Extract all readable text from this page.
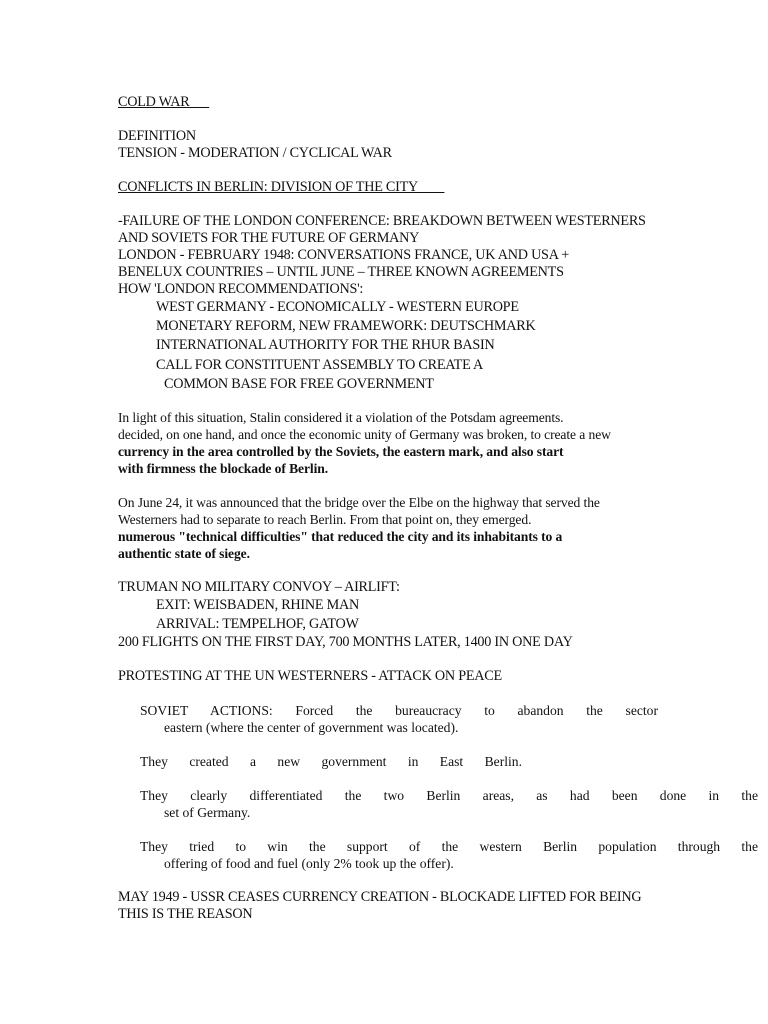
COLD WAR
DEFINITION
TENSION - MODERATION / CYCLICAL WAR
CONFLICTS IN BERLIN: DIVISION OF THE CITY
-FAILURE OF THE LONDON CONFERENCE: BREAKDOWN BETWEEN WESTERNERS
AND SOVIETS FOR THE FUTURE OF GERMANY
LONDON - FEBRUARY 1948: CONVERSATIONS FRANCE, UK AND USA +
BENELUX COUNTRIES – UNTIL JUNE – THREE KNOWN AGREEMENTS
HOW 'LONDON RECOMMENDATIONS':
WEST GERMANY - ECONOMICALLY - WESTERN EUROPE
MONETARY REFORM, NEW FRAMEWORK: DEUTSCHMARK
INTERNATIONAL AUTHORITY FOR THE RHUR BASIN
CALL FOR CONSTITUENT ASSEMBLY TO CREATE A
COMMON BASE FOR FREE GOVERNMENT
In light of this situation, Stalin considered it a violation of the Potsdam agreements.
decided, on one hand, and once the economic unity of Germany was broken, to create a new
currency in the area controlled by the Soviets, the eastern mark, and also start
with firmness the blockade of Berlin.
On June 24, it was announced that the bridge over the Elbe on the highway that served the
Westerners had to separate to reach Berlin. From that point on, they emerged.
numerous "technical difficulties" that reduced the city and its inhabitants to a
authentic state of siege.
TRUMAN NO MILITARY CONVOY – AIRLIFT:
EXIT: WEISBADEN, RHINE MAN
ARRIVAL: TEMPELHOF, GATOW
200 FLIGHTS ON THE FIRST DAY, 700 MONTHS LATER, 1400 IN ONE DAY
PROTESTING AT THE UN WESTERNERS - ATTACK ON PEACE
SOVIET ACTIONS: Forced the bureaucracy to abandon the sector
eastern (where the center of government was located).
They created a new government in East Berlin.
They clearly differentiated the two Berlin areas, as had been done in the
set of Germany.
They tried to win the support of the western Berlin population through the
offering of food and fuel (only 2% took up the offer).
MAY 1949 - USSR CEASES CURRENCY CREATION - BLOCKADE LIFTED FOR BEING
THIS IS THE REASON
